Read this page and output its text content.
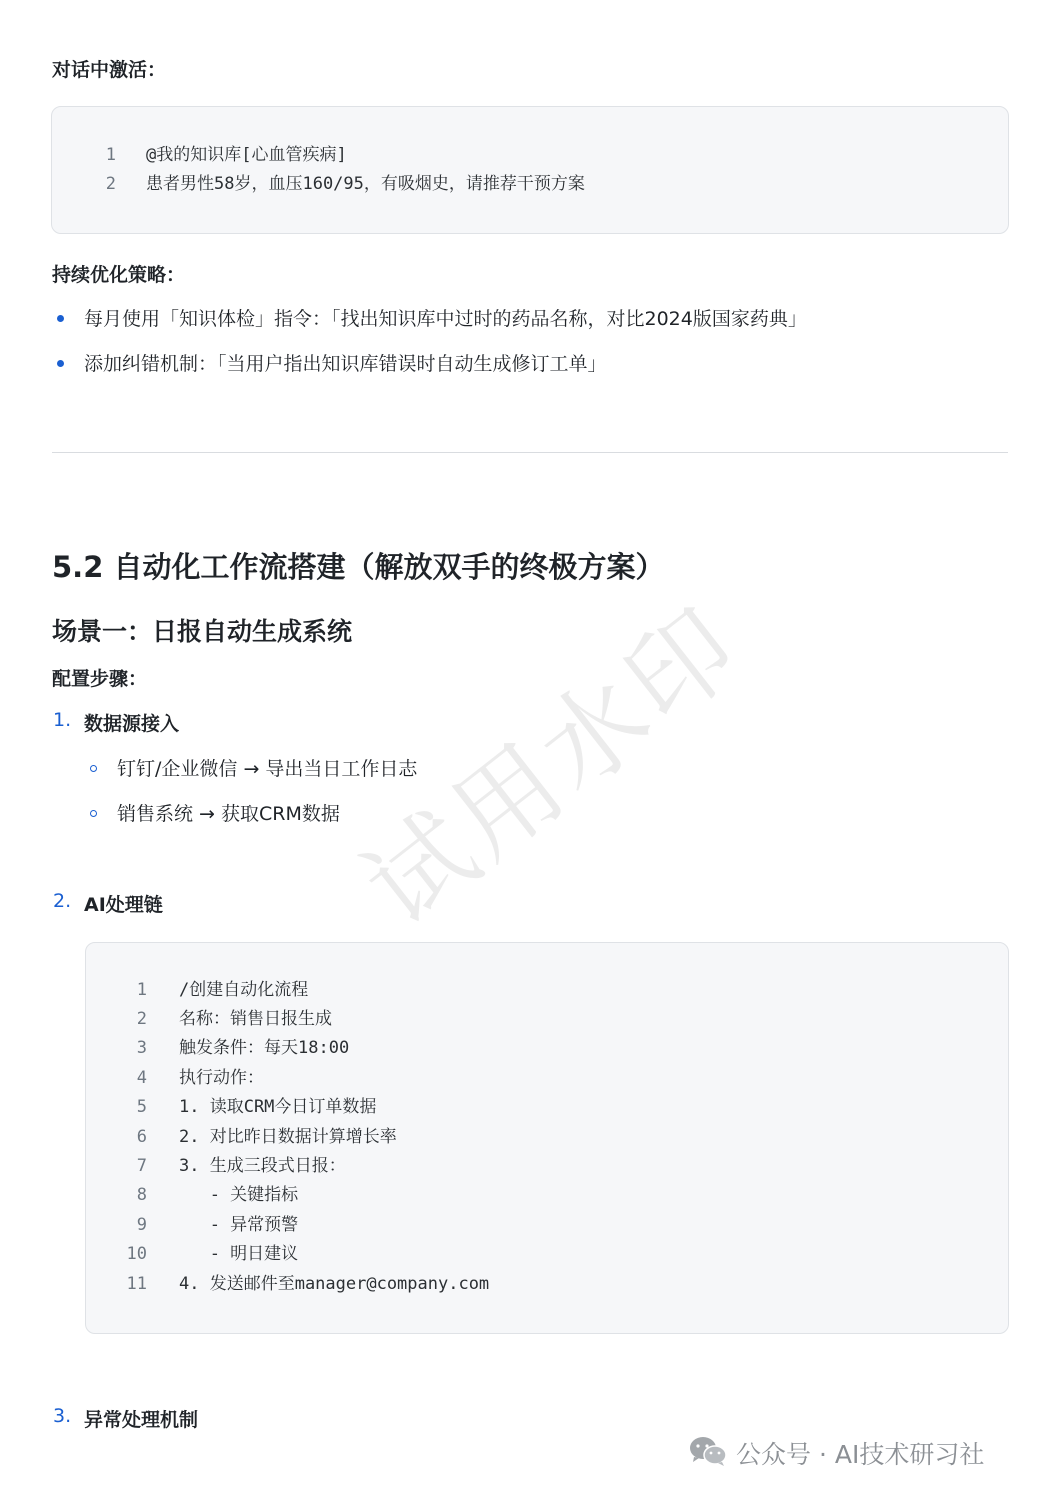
对话中激活：
1 @我的知识库[心血管疾病]
2 患者男性58岁，血压160/95，有吸烟史，请推荐干预方案
持续优化策略：
每月使用「知识体检」指令：「找出知识库中过时的药品名称，对比2024版国家药典」
添加纠错机制：「当用户指出知识库错误时自动生成修订工单」
5.2 自动化工作流搭建（解放双手的终极方案）
场景一：日报自动生成系统
配置步骤：
1. 数据源接入
钉钉/企业微信 → 导出当日工作日志
销售系统 → 获取CRM数据
2. AI处理链
1 /创建自动化流程
2 名称：销售日报生成
3 触发条件：每天18:00
4 执行动作：
5 1. 读取CRM今日订单数据
6 2. 对比昨日数据计算增长率
7 3. 生成三段式日报：
8   - 关键指标
9   - 异常预警
10   - 明日建议
11 4. 发送邮件至manager@company.com
3. 异常处理机制
试用水印
公众号 · AI技术研习社
